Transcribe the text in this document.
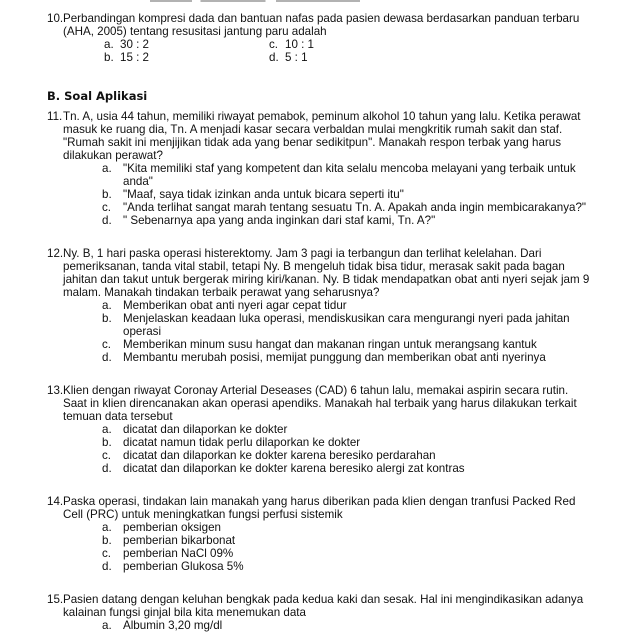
10. Perbandingan kompresi dada dan bantuan nafas pada pasien dewasa berdasarkan panduan terbaru (AHA, 2005) tentang resusitasi jantung paru adalah
a. 30 : 2	c. 10 : 1
b. 15 : 2	d. 5 : 1
B. Soal Aplikasi
11. Tn. A, usia 44 tahun, memiliki riwayat pemabok, peminum alkohol 10 tahun yang lalu. Ketika perawat masuk ke ruang dia, Tn. A menjadi kasar secara verbaldan mulai mengkritik rumah sakit dan staf. "Rumah sakit ini menjijikan tidak ada yang benar sedikitpun". Manakah respon terbak yang harus dilakukan perawat?
a. "Kita memiliki staf yang kompetent dan kita selalu mencoba melayani yang terbaik untuk anda"
b. "Maaf, saya tidak izinkan anda untuk bicara seperti itu"
c. "Anda terlihat sangat marah tentang sesuatu Tn. A. Apakah anda ingin membicarakanya?"
d. " Sebenarnya apa yang anda inginkan dari staf kami, Tn. A?"
12. Ny. B, 1 hari paska operasi histerektomy. Jam 3 pagi ia terbangun dan terlihat kelelahan. Dari pemeriksanan, tanda vital stabil, tetapi Ny. B mengeluh tidak bisa tidur, merasak sakit pada bagan jahitan dan takut untuk bergerak miring kiri/kanan. Ny. B tidak mendapatkan obat anti nyeri sejak jam 9 malam. Manakah tindakan terbaik perawat yang seharusnya?
a. Memberikan obat anti nyeri agar cepat tidur
b. Menjelaskan keadaan luka operasi, mendiskusikan cara mengurangi nyeri pada jahitan operasi
c. Memberikan minum susu hangat dan makanan ringan untuk merangsang kantuk
d. Membantu merubah posisi, memijat punggung dan memberikan obat anti nyerinya
13. Klien dengan riwayat Coronay Arterial Deseases (CAD) 6 tahun lalu, memakai aspirin secara rutin. Saat in klien direncanakan akan operasi apendiks. Manakah hal terbaik yang harus dilakukan terkait temuan data tersebut
a. dicatat dan dilaporkan ke dokter
b. dicatat namun tidak perlu dilaporkan ke dokter
c. dicatat dan dilaporkan ke dokter karena beresiko perdarahan
d. dicatat dan dilaporkan ke dokter karena beresiko alergi zat kontras
14. Paska operasi, tindakan lain manakah yang harus diberikan pada klien dengan tranfusi Packed Red Cell (PRC) untuk meningkatkan fungsi perfusi sistemik
a. pemberian oksigen
b. pemberian bikarbonat
c. pemberian NaCl 09%
d. pemberian Glukosa 5%
15. Pasien datang dengan keluhan bengkak pada kedua kaki dan sesak. Hal ini mengindikasikan adanya kalainan fungsi ginjal bila kita menemukan data
a. Albumin 3,20 mg/dl
